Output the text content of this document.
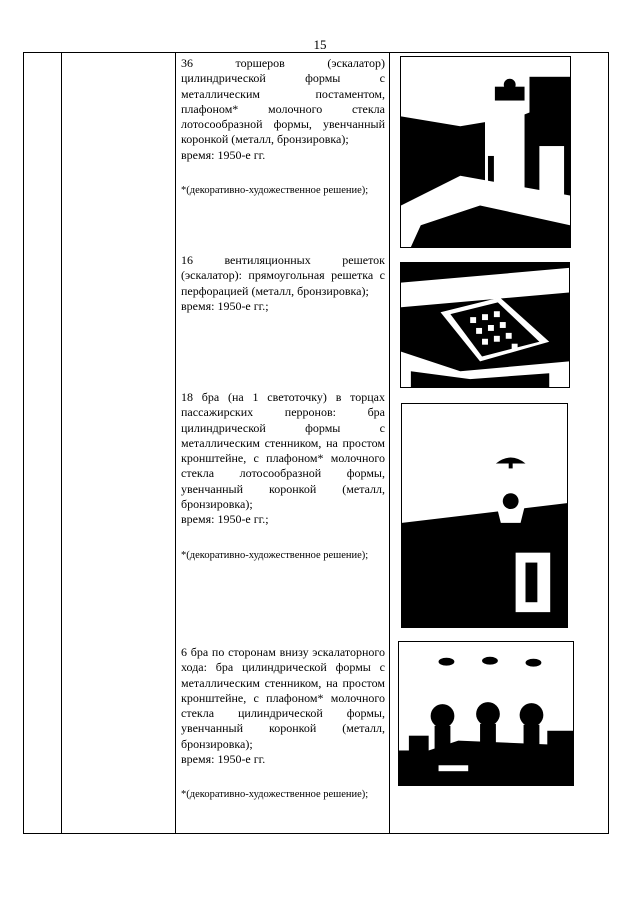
15

36 торшеров (эскалатор) цилиндрической формы с металлическим постаментом, плафоном* молочного стекла лотосообразной формы, увенчанный коронкой (металл, бронзировка);

время: 1950-е гг.

*(декоративно-художественное решение);

16 вентиляционных решеток (эскалатор): прямоугольная решетка с перфорацией (металл, бронзировка);

время: 1950-е гг.;

18 бра (на 1 светоточку) в торцах пассажирских перронов: бра цилиндрической формы с металлическим стенником, на простом кронштейне, с плафоном* молочного стекла лотосообразной формы, увенчанный коронкой (металл, бронзировка);

время: 1950-е гг.;

*(декоративно-художественное решение);

6 бра по сторонам внизу эскалаторного хода: бра цилиндрической формы с металлическим стенником, на простом кронштейне, с плафоном* молочного стекла цилиндрической формы, увенчанный коронкой (металл, бронзировка);

время: 1950-е гг.

*(декоративно-художественное решение);
